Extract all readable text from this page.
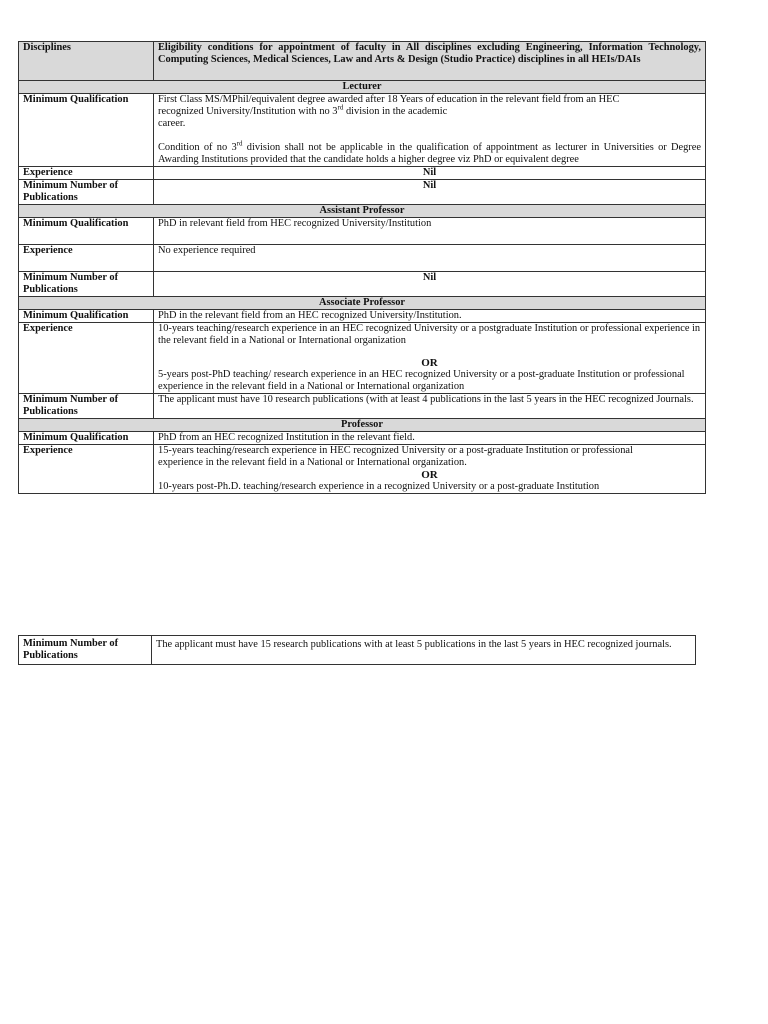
Disciplines	Eligibility conditions for appointment of faculty in All disciplines excluding Engineering, Information Technology, Computing Sciences, Medical Sciences, Law and Arts & Design (Studio Practice) disciplines in all HEIs/DAIs
Lecturer	
Minimum Qualification	First Class MS/MPhil/equivalent degree awarded after 18 Years of education in the relevant field from an HEC
recognized University/Institution with no 3rd division in the academic
career.
Condition of no 3rd division shall not be applicable in the qualification of appointment as lecturer in Universities or Degree Awarding Institutions provided that the candidate holds a higher degree viz PhD or equivalent degree
Experience	Nil
Minimum Number of Publications	Nil
Assistant Professor	
Minimum Qualification	PhD in relevant field from HEC recognized University/Institution
Experience	No experience required
Minimum Number of Publications	Nil
Associate Professor	
Minimum Qualification	PhD in the relevant field from an HEC recognized University/Institution.
Experience	10-years teaching/research experience in an HEC recognized University or a postgraduate Institution or professional experience in the relevant field in a National or International organization
OR
5-years post-PhD teaching/ research experience in an HEC recognized University or a post-graduate Institution or professional experience in the relevant field in a National or International organization
Minimum Number of Publications	The applicant must have 10 research publications (with at least 4 publications in the last 5 years in the HEC recognized Journals.
Professor	
Minimum Qualification	PhD from an HEC recognized Institution in the relevant field.
Experience	15-years teaching/research experience in HEC recognized University or a post-graduate Institution or professional
experience in the relevant field in a National or International organization.
OR
10-years post-Ph.D. teaching/research experience in a recognized University or a post-graduate Institution
Minimum Number of Publications	The applicant must have 15 research publications with at least 5 publications in the last 5 years in HEC recognized journals.
